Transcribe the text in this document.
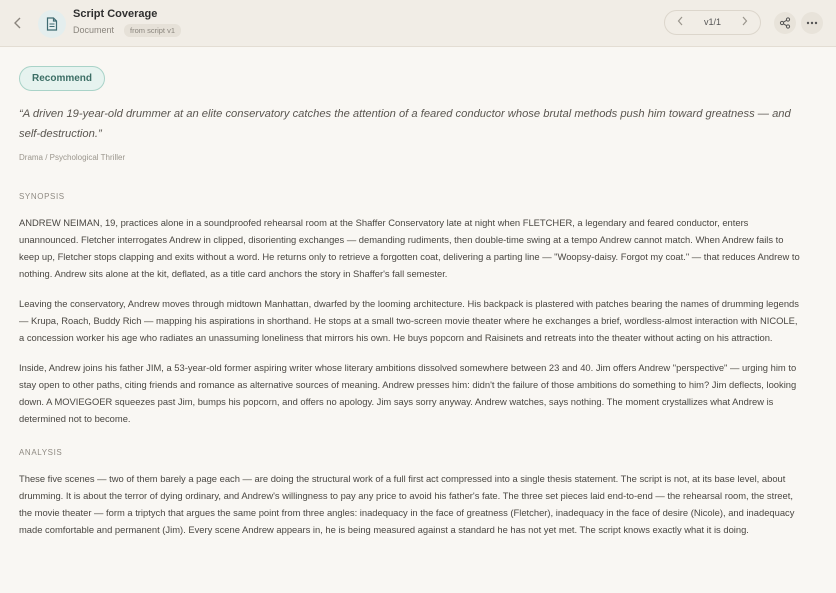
Script Coverage
Document	from script v1
v1/1
Recommend
“A driven 19-year-old drummer at an elite conservatory catches the attention of a feared conductor whose brutal methods push him toward greatness — and self-destruction.”
Drama / Psychological Thriller
SYNOPSIS
ANDREW NEIMAN, 19, practices alone in a soundproofed rehearsal room at the Shaffer Conservatory late at night when FLETCHER, a legendary and feared conductor, enters unannounced. Fletcher interrogates Andrew in clipped, disorienting exchanges — demanding rudiments, then double-time swing at a tempo Andrew cannot match. When Andrew fails to keep up, Fletcher stops clapping and exits without a word. He returns only to retrieve a forgotten coat, delivering a parting line — "Woopsy-daisy. Forgot my coat." — that reduces Andrew to nothing. Andrew sits alone at the kit, deflated, as a title card anchors the story in Shaffer's fall semester.
Leaving the conservatory, Andrew moves through midtown Manhattan, dwarfed by the looming architecture. His backpack is plastered with patches bearing the names of drumming legends — Krupa, Roach, Buddy Rich — mapping his aspirations in shorthand. He stops at a small two-screen movie theater where he exchanges a brief, wordless-almost interaction with NICOLE, a concession worker his age who radiates an unassuming loneliness that mirrors his own. He buys popcorn and Raisinets and retreats into the theater without acting on his attraction.
Inside, Andrew joins his father JIM, a 53-year-old former aspiring writer whose literary ambitions dissolved somewhere between 23 and 40. Jim offers Andrew "perspective" — urging him to stay open to other paths, citing friends and romance as alternative sources of meaning. Andrew presses him: didn't the failure of those ambitions do something to him? Jim deflects, looking down. A MOVIEGOER squeezes past Jim, bumps his popcorn, and offers no apology. Jim says sorry anyway. Andrew watches, says nothing. The moment crystallizes what Andrew is determined not to become.
ANALYSIS
These five scenes — two of them barely a page each — are doing the structural work of a full first act compressed into a single thesis statement. The script is not, at its base level, about drumming. It is about the terror of dying ordinary, and Andrew's willingness to pay any price to avoid his father's fate. The three set pieces laid end-to-end — the rehearsal room, the street, the movie theater — form a triptych that argues the same point from three angles: inadequacy in the face of greatness (Fletcher), inadequacy in the face of desire (Nicole), and inadequacy made comfortable and permanent (Jim). Every scene Andrew appears in, he is being measured against a standard he has not yet met. The script knows exactly what it is doing.
